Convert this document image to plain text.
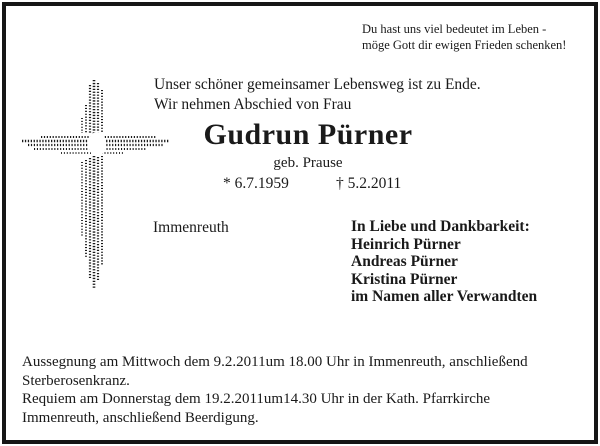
Du hast uns viel bedeutet im Leben -
möge Gott dir ewigen Frieden schenken!
Unser schöner gemeinsamer Lebensweg ist zu Ende.
Wir nehmen Abschied von Frau
Gudrun Pürner
geb. Prause
* 6.7.1959	† 5.2.2011
Immenreuth	In Liebe und Dankbarkeit:
Heinrich Pürner
Andreas Pürner
Kristina Pürner
im Namen aller Verwandten
Aussegnung am Mittwoch dem 9.2.2011um 18.00 Uhr in Immenreuth, anschließend
Sterberosenkranz.
Requiem am Donnerstag dem 19.2.2011um14.30 Uhr in der Kath. Pfarrkirche
Immenreuth, anschließend Beerdigung.
